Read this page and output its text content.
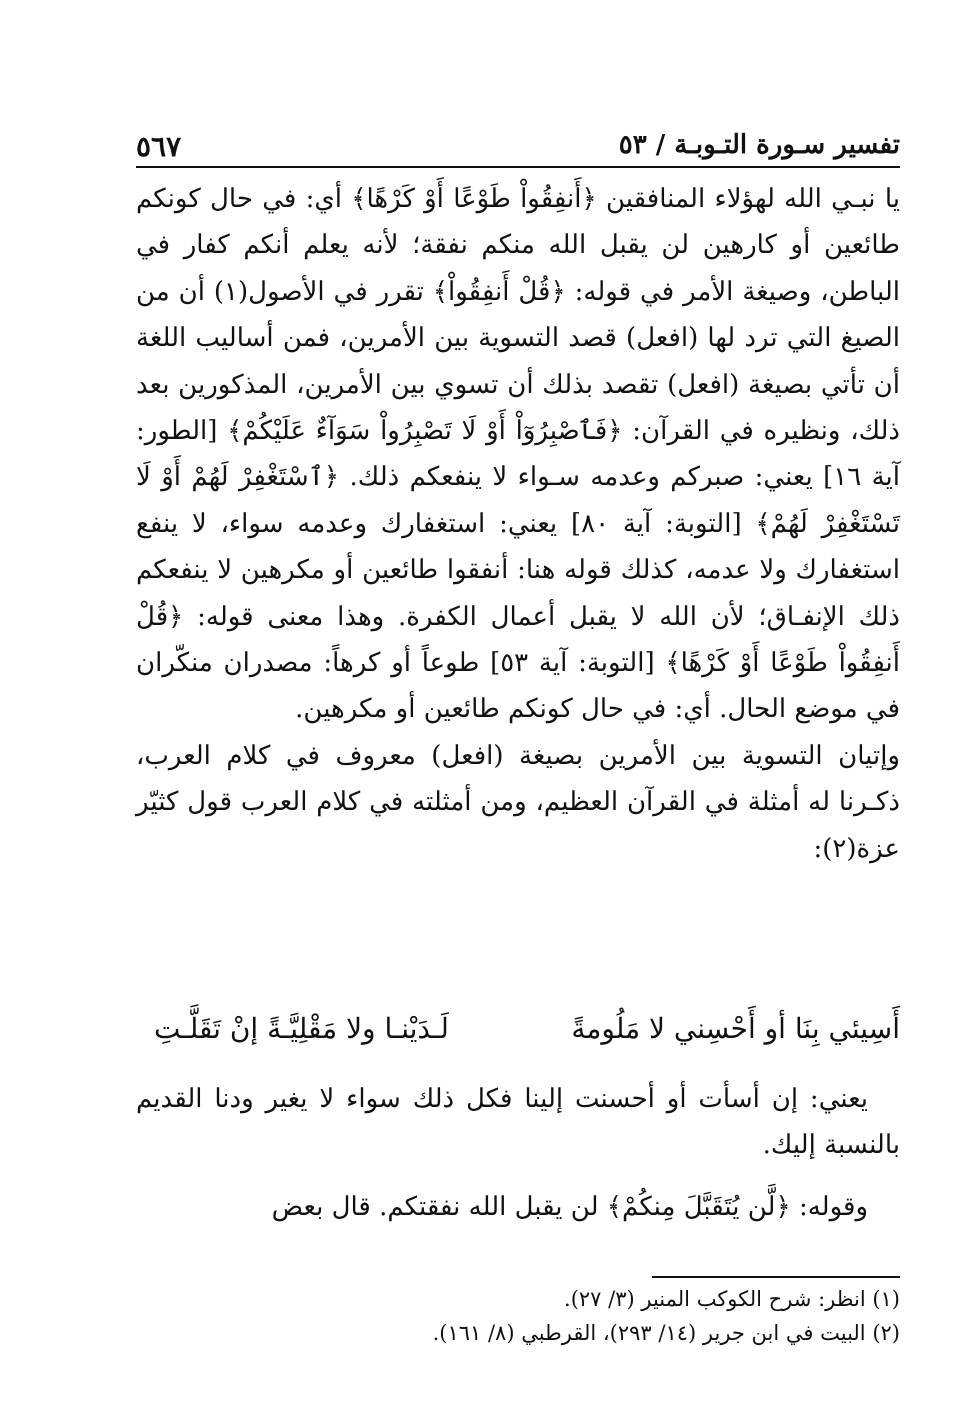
تفسير سـورة التـوبـة / ٥٣
٥٦٧

يا نبـي الله لهؤلاء المنافقين ﴿أَنفِقُواْ طَوْعًا أَوْ كَرْهًا﴾ أي: في حال كونكم طائعين أو كارهين لن يقبل الله منكم نفقة؛ لأنه يعلم أنكم كفار في الباطن، وصيغة الأمر في قوله: ﴿قُلْ أَنفِقُواْ﴾ تقرر في الأصول(١) أن من الصيغ التي ترد لها (افعل) قصد التسوية بين الأمرين، فمن أساليب اللغة أن تأتي بصيغة (افعل) تقصد بذلك أن تسوي بين الأمرين، المذكورين بعد ذلك، ونظيره في القرآن: ﴿فَٱصْبِرُوٓاْ أَوْ لَا تَصْبِرُواْ سَوَآءٌ عَلَيْكُمْ﴾ [الطور: آية ١٦] يعني: صبركم وعدمه سـواء لا ينفعكم ذلك. ﴿ٱسْتَغْفِرْ لَهُمْ أَوْ لَا تَسْتَغْفِرْ لَهُمْ﴾ [التوبة: آية ٨٠] يعني: استغفارك وعدمه سواء، لا ينفع استغفارك ولا عدمه، كذلك قوله هنا: أنفقوا طائعين أو مكرهين لا ينفعكم ذلك الإنفـاق؛ لأن الله لا يقبل أعمال الكفرة. وهذا معنى قوله: ﴿قُلْ أَنفِقُواْ طَوْعًا أَوْ كَرْهًا﴾ [التوبة: آية ٥٣] طوعاً أو كرهاً: مصدران منكّران في موضع الحال. أي: في حال كونكم طائعين أو مكرهين.

وإتيان التسوية بين الأمرين بصيغة (افعل) معروف في كلام العرب، ذكـرنا له أمثلة في القرآن العظيم، ومن أمثلته في كلام العرب قول كثيّر عزة(٢):

أَسِيئي بِنَا أو أَحْسِني لا مَلُومةً
لَـدَيْنـا ولا مَقْلِيَّـةً إنْ تَقَلَّـتِ

يعني: إن أسأت أو أحسنت إلينا فكل ذلك سواء لا يغير ودنا القديم بالنسبة إليك.

وقوله: ﴿لَّن يُتَقَبَّلَ مِنكُمْ﴾ لن يقبل الله نفقتكم. قال بعض

(١) انظر: شرح الكوكب المنير (٣/ ٢٧).
(٢) البيت في ابن جرير (١٤/ ٢٩٣)، القرطبي (٨/ ١٦١).
